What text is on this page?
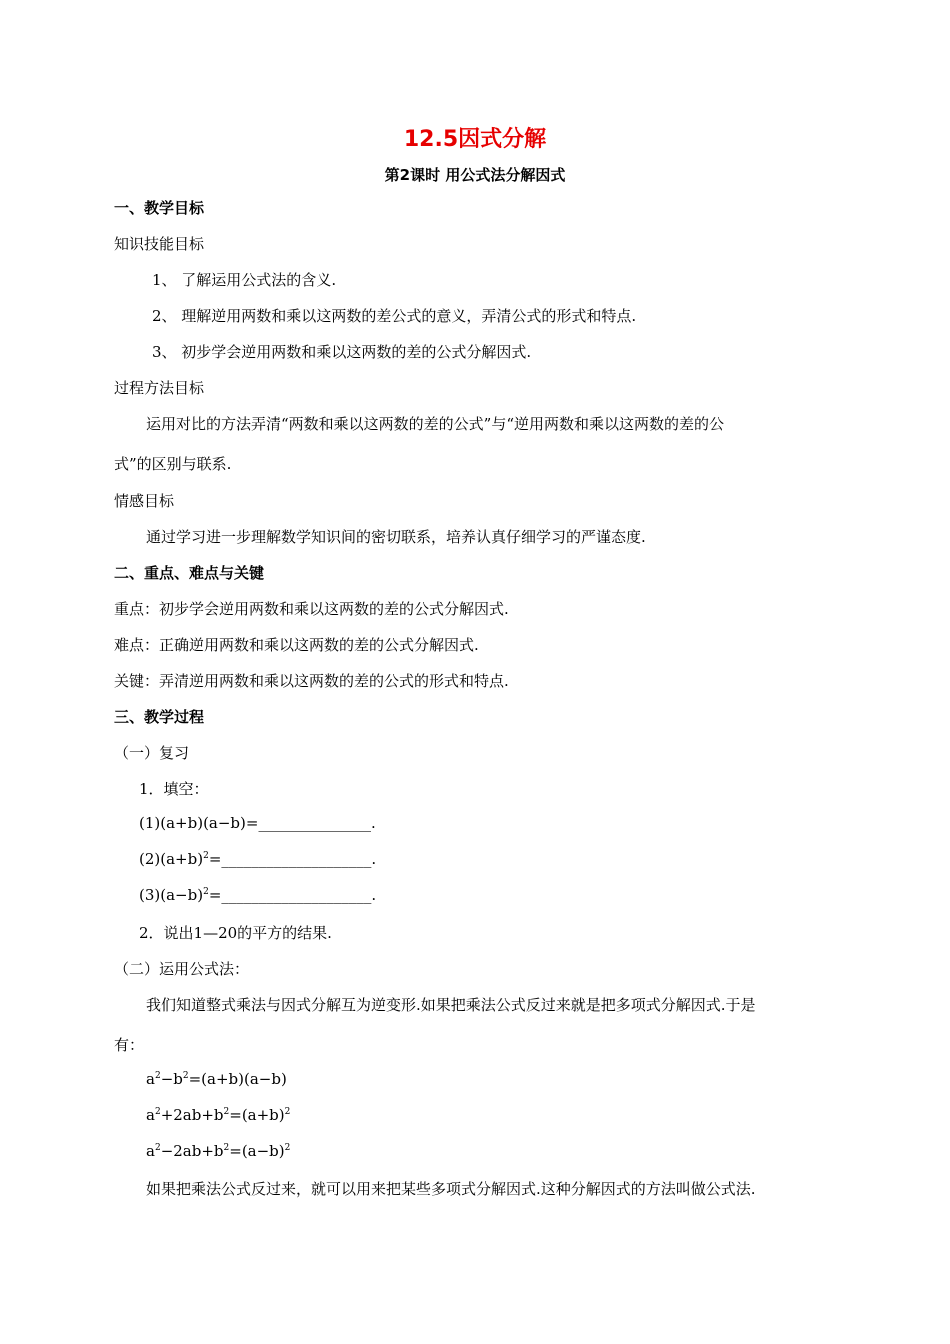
12.5因式分解
第2课时 用公式法分解因式
一、教学目标
知识技能目标
1、 了解运用公式法的含义.
2、 理解逆用两数和乘以这两数的差公式的意义，弄清公式的形式和特点.
3、 初步学会逆用两数和乘以这两数的差的公式分解因式.
过程方法目标
运用对比的方法弄清“两数和乘以这两数的差的公式”与“逆用两数和乘以这两数的差的公
式”的区别与联系.
情感目标
通过学习进一步理解数学知识间的密切联系，培养认真仔细学习的严谨态度.
二、重点、难点与关键
重点：初步学会逆用两数和乘以这两数的差的公式分解因式.
难点：正确逆用两数和乘以这两数的差的公式分解因式.
关键：弄清逆用两数和乘以这两数的差的公式的形式和特点.
三、教学过程
（一）复习
1．填空：
(1)(a+b)(a−b)=_______________.
$(2)(a+b)^2=\_\_\_\_\_\_\_\_\_\_\_\_\_\_\_\_\_\_\_\_$.
$(3)(a-b)^2=\_\_\_\_\_\_\_\_\_\_\_\_\_\_\_\_\_\_\_\_$.
2．说出1—20的平方的结果.
（二）运用公式法：
我们知道整式乘法与因式分解互为逆变形.如果把乘法公式反过来就是把多项式分解因式.于是
有：
$a^2-b^2=(a+b)(a-b)$
$a^2+2ab+b^2=(a+b)^2$
$a^2-2ab+b^2=(a-b)^2$
如果把乘法公式反过来，就可以用来把某些多项式分解因式.这种分解因式的方法叫做公式法.
